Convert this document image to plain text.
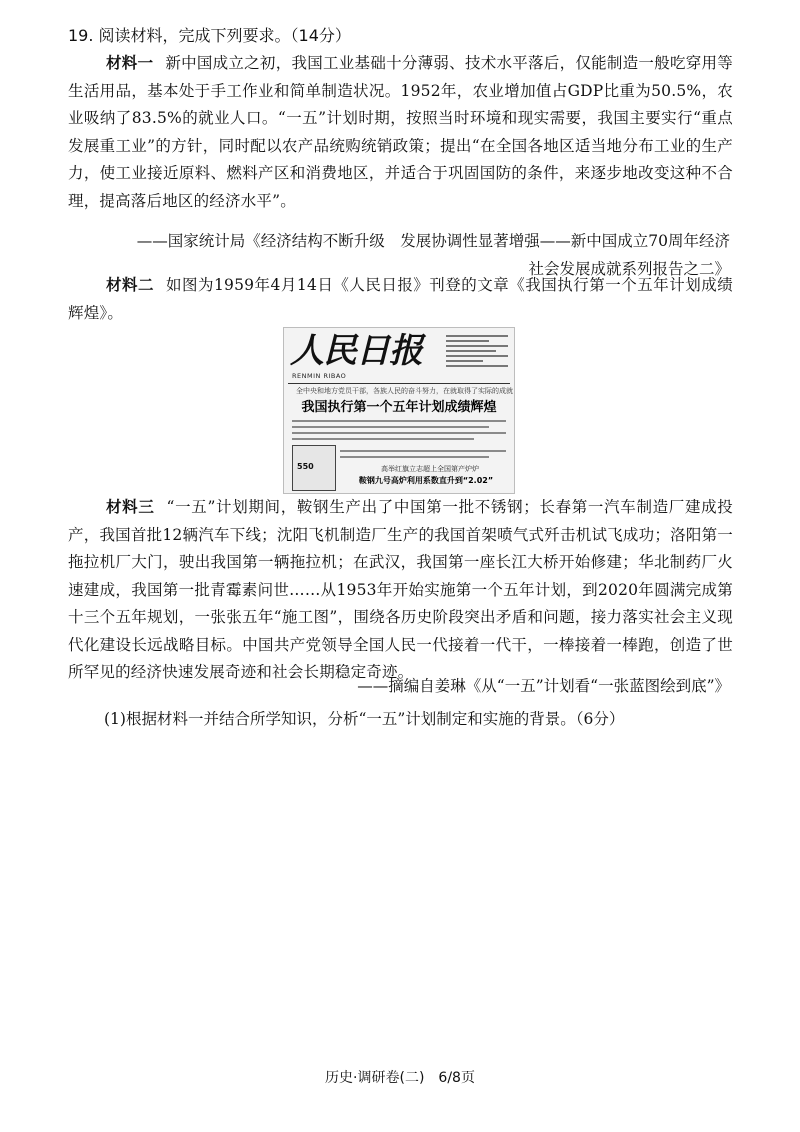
19. 阅读材料，完成下列要求。（14分）
材料一 新中国成立之初，我国工业基础十分薄弱、技术水平落后，仅能制造一般吃穿用等生活用品，基本处于手工作业和简单制造状况。1952年，农业增加值占GDP比重为50.5%，农业吸纳了83.5%的就业人口。“一五”计划时期，按照当时环境和现实需要，我国主要实行“重点发展重工业”的方针，同时配以农产品统购统销政策；提出“在全国各地区适当地分布工业的生产力，使工业接近原料、燃料产区和消费地区，并适合于巩固国防的条件，来逐步地改变这种不合理，提高落后地区的经济水平”。
——国家统计局《经济结构不断升级　发展协调性显著增强——新中国成立70周年经济
社会发展成就系列报告之二》
材料二 如图为1959年4月14日《人民日报》刊登的文章《我国执行第一个五年计划成绩辉煌》。
人民日报
RENMIN RIBAO
全中央和地方党员干部，各族人民的奋斗努力，在就取得了实际的成就
我国执行第一个五年计划成绩辉煌
550	高举红旗立志超上全国第产炉炉
鞍钢九号高炉利用系数直升到“2.02”
材料三 “一五”计划期间，鞍钢生产出了中国第一批不锈钢；长春第一汽车制造厂建成投产，我国首批12辆汽车下线；沈阳飞机制造厂生产的我国首架喷气式歼击机试飞成功；洛阳第一拖拉机厂大门，驶出我国第一辆拖拉机；在武汉，我国第一座长江大桥开始修建；华北制药厂火速建成，我国第一批青霉素问世……从1953年开始实施第一个五年计划，到2020年圆满完成第十三个五年规划，一张张五年“施工图”，围绕各历史阶段突出矛盾和问题，接力落实社会主义现代化建设长远战略目标。中国共产党领导全国人民一代接着一代干，一棒接着一棒跑，创造了世所罕见的经济快速发展奇迹和社会长期稳定奇迹。
——摘编自姜琳《从“一五”计划看“一张蓝图绘到底”》
(1)根据材料一并结合所学知识，分析“一五”计划制定和实施的背景。（6分）
历史·调研卷(二)　6/8页
